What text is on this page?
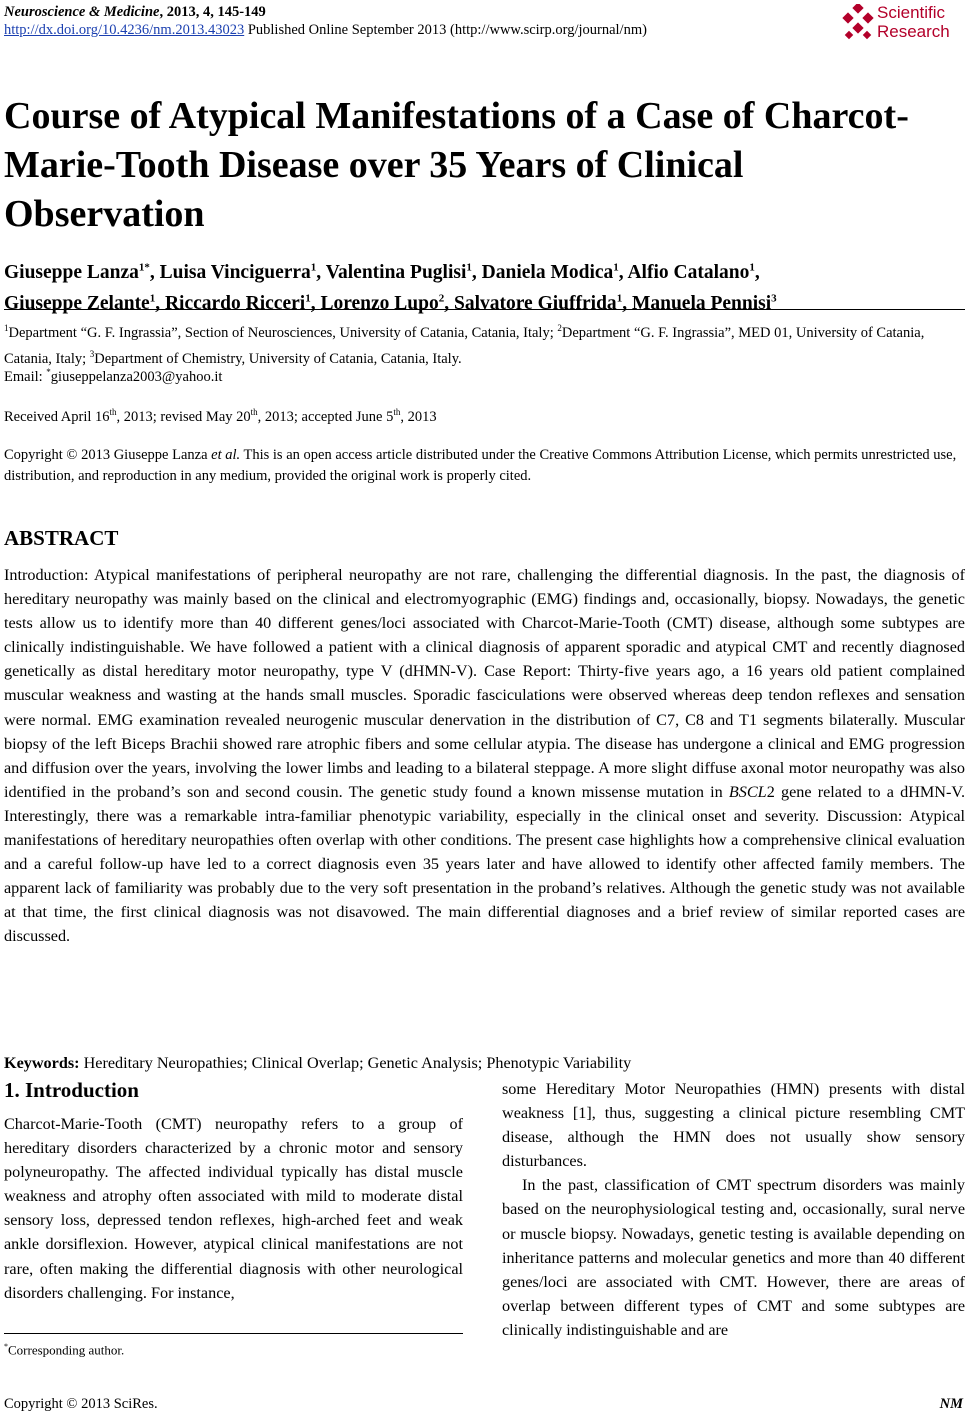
Neuroscience & Medicine, 2013, 4, 145-149
http://dx.doi.org/10.4236/nm.2013.43023 Published Online September 2013 (http://www.scirp.org/journal/nm)
Scientific
Research
Course of Atypical Manifestations of a Case of Charcot-Marie-Tooth Disease over 35 Years of Clinical Observation
Giuseppe Lanza$^{1*}$, Luisa Vinciguerra$^1$, Valentina Puglisi$^1$, Daniela Modica$^1$, Alfio Catalano$^1$,
Giuseppe Zelante$^1$, Riccardo Ricceri$^1$, Lorenzo Lupo$^2$, Salvatore Giuffrida$^1$, Manuela Pennisi$^3$
$^1$Department “G. F. Ingrassia”, Section of Neurosciences, University of Catania, Catania, Italy; $^2$Department “G. F. Ingrassia”, MED 01, University of Catania, Catania, Italy; $^3$Department of Chemistry, University of Catania, Catania, Italy.
Email: *giuseppelanza2003@yahoo.it
Received April 16th, 2013; revised May 20th, 2013; accepted June 5th, 2013
Copyright © 2013 Giuseppe Lanza et al. This is an open access article distributed under the Creative Commons Attribution License, which permits unrestricted use, distribution, and reproduction in any medium, provided the original work is properly cited.
ABSTRACT

Introduction: Atypical manifestations of peripheral neuropathy are not rare, challenging the differential diagnosis. In the past, the diagnosis of hereditary neuropathy was mainly based on the clinical and electromyographic (EMG) findings and, occasionally, biopsy. Nowadays, the genetic tests allow us to identify more than 40 different genes/loci associated with Charcot-Marie-Tooth (CMT) disease, although some subtypes are clinically indistinguishable. We have followed a patient with a clinical diagnosis of apparent sporadic and atypical CMT and recently diagnosed genetically as distal hereditary motor neuropathy, type V (dHMN-V). Case Report: Thirty-five years ago, a 16 years old patient complained muscular weakness and wasting at the hands small muscles. Sporadic fasciculations were observed whereas deep tendon reflexes and sensation were normal. EMG examination revealed neurogenic muscular denervation in the distribution of C7, C8 and T1 segments bilaterally. Muscular biopsy of the left Biceps Brachii showed rare atrophic fibers and some cellular atypia. The disease has undergone a clinical and EMG progression and diffusion over the years, involving the lower limbs and leading to a bilateral steppage. A more slight diffuse axonal motor neuropathy was also identified in the proband’s son and second cousin. The genetic study found a known missense mutation in BSCL2 gene related to a dHMN-V. Interestingly, there was a remarkable intra-familiar phenotypic variability, especially in the clinical onset and severity. Discussion: Atypical manifestations of hereditary neuropathies often overlap with other conditions. The present case highlights how a comprehensive clinical evaluation and a careful follow-up have led to a correct diagnosis even 35 years later and have allowed to identify other affected family members. The apparent lack of familiarity was probably due to the very soft presentation in the proband’s relatives. Although the genetic study was not available at that time, the first clinical diagnosis was not disavowed. The main differential diagnoses and a brief review of similar reported cases are discussed.

Keywords: Hereditary Neuropathies; Clinical Overlap; Genetic Analysis; Phenotypic Variability
1. Introduction

Charcot-Marie-Tooth (CMT) neuropathy refers to a group of hereditary disorders characterized by a chronic motor and sensory polyneuropathy. The affected individual typically has distal muscle weakness and atrophy often associated with mild to moderate distal sensory loss, depressed tendon reflexes, high-arched feet and weak ankle dorsiflexion. However, atypical clinical manifestations are not rare, often making the differential diagnosis with other neurological disorders challenging. For instance,

some Hereditary Motor Neuropathies (HMN) presents with distal weakness [1], thus, suggesting a clinical picture resembling CMT disease, although the HMN does not usually show sensory disturbances.

In the past, classification of CMT spectrum disorders was mainly based on the neurophysiological testing and, occasionally, sural nerve or muscle biopsy. Nowadays, genetic testing is available depending on inheritance patterns and molecular genetics and more than 40 different genes/loci are associated with CMT. However, there are areas of overlap between different types of CMT and some subtypes are clinically indistinguishable and are

*Corresponding author.
Copyright © 2013 SciRes.	NM
